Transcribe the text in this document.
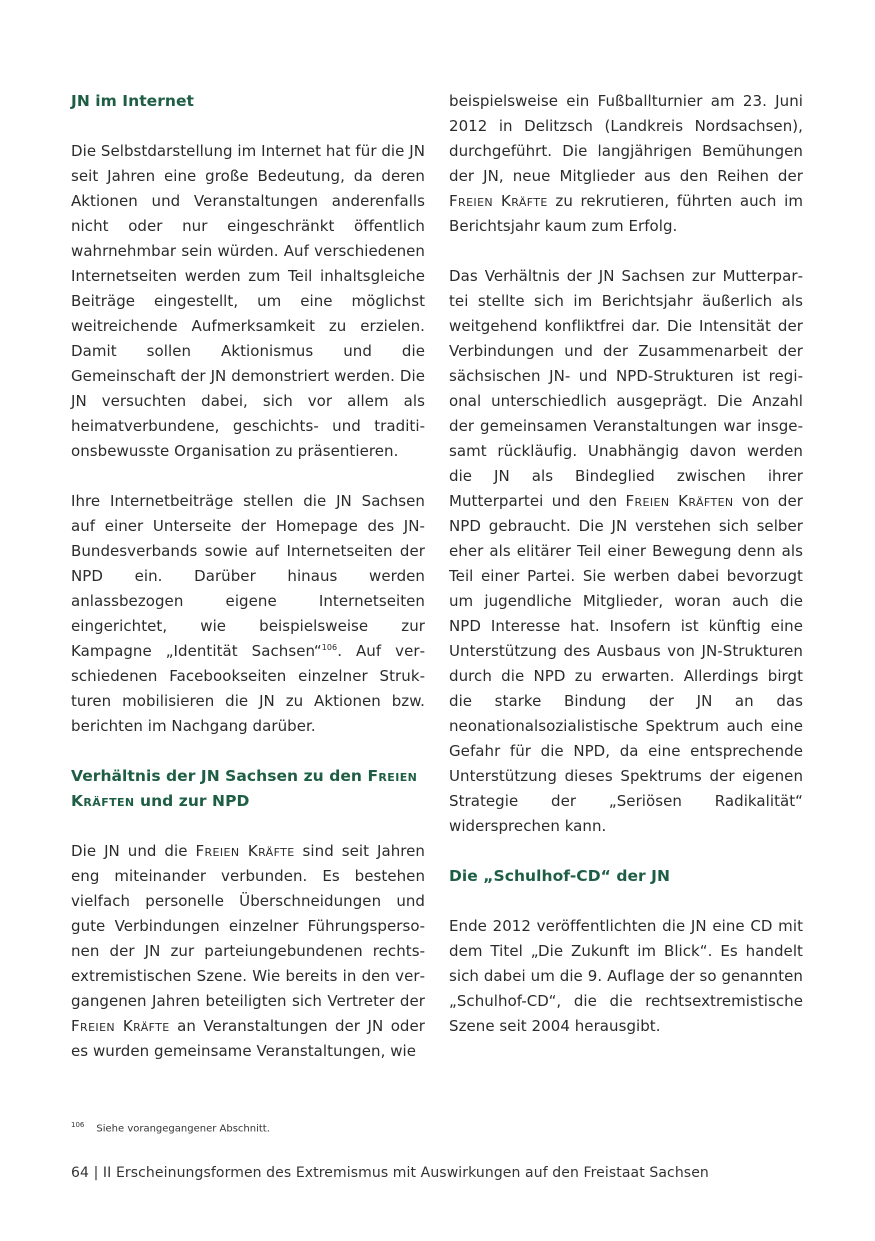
JN im Internet

Die Selbstdarstellung im Internet hat für die JN seit Jahren eine große Bedeutung, da deren Aktionen und Veranstaltungen anderenfalls nicht oder nur eingeschränkt öffentlich wahrnehmbar sein würden. Auf verschiedenen Internetseiten werden zum Teil inhaltsgleiche Beiträge eingestellt, um eine möglichst weitreichende Aufmerksamkeit zu erzielen. Damit sollen Aktionismus und die Gemeinschaft der JN demonstriert werden. Die JN versuchten dabei, sich vor allem als heimatverbundene, geschichts- und traditionsbewusste Organisation zu präsentieren.

Ihre Internetbeiträge stellen die JN Sachsen auf einer Unterseite der Homepage des JN-Bundesverbands sowie auf Internetseiten der NPD ein. Darüber hinaus werden anlassbezogen eigene Internetseiten eingerichtet, wie beispielsweise zur Kampagne „Identität Sachsen“$^{106}$. Auf verschiedenen Facebookseiten einzelner Strukturen mobilisieren die JN zu Aktionen bzw. berichten im Nachgang darüber.

Verhältnis der JN Sachsen zu den Freien
Kräften und zur NPD

Die JN und die Freien Kräfte sind seit Jahren eng miteinander verbunden. Es bestehen vielfach personelle Überschneidungen und gute Verbindungen einzelner Führungspersonen der JN zur parteiungebundenen rechtsextremistischen Szene. Wie bereits in den vergangenen Jahren beteiligten sich Vertreter der Freien Kräfte an Veranstaltungen der JN oder es wurden gemeinsame Veranstaltungen, wie

beispielsweise ein Fußballturnier am 23. Juni 2012 in Delitzsch (Landkreis Nordsachsen), durchgeführt. Die langjährigen Bemühungen der JN, neue Mitglieder aus den Reihen der Freien Kräfte zu rekrutieren, führten auch im Berichtsjahr kaum zum Erfolg.

Das Verhältnis der JN Sachsen zur Mutterpartei stellte sich im Berichtsjahr äußerlich als weitgehend konfliktfrei dar. Die Intensität der Verbindungen und der Zusammenarbeit der sächsischen JN- und NPD-Strukturen ist regional unterschiedlich ausgeprägt. Die Anzahl der gemeinsamen Veranstaltungen war insgesamt rückläufig. Unabhängig davon werden die JN als Bindeglied zwischen ihrer Mutterpartei und den Freien Kräften von der NPD gebraucht. Die JN verstehen sich selber eher als elitärer Teil einer Bewegung denn als Teil einer Partei. Sie werben dabei bevorzugt um jugendliche Mitglieder, woran auch die NPD Interesse hat. Insofern ist künftig eine Unterstützung des Ausbaus von JN-Strukturen durch die NPD zu erwarten. Allerdings birgt die starke Bindung der JN an das neonationalsozialistische Spektrum auch eine Gefahr für die NPD, da eine entsprechende Unterstützung dieses Spektrums der eigenen Strategie der „Seriösen Radikalität“ widersprechen kann.

Die „Schulhof-CD“ der JN

Ende 2012 veröffentlichten die JN eine CD mit dem Titel „Die Zukunft im Blick“. Es handelt sich dabei um die 9. Auflage der so genannten „Schulhof-CD“, die die rechtsextremistische Szene seit 2004 herausgibt.

$^{106}$ Siehe vorangegangener Abschnitt.
64 | II Erscheinungsformen des Extremismus mit Auswirkungen auf den Freistaat Sachsen
